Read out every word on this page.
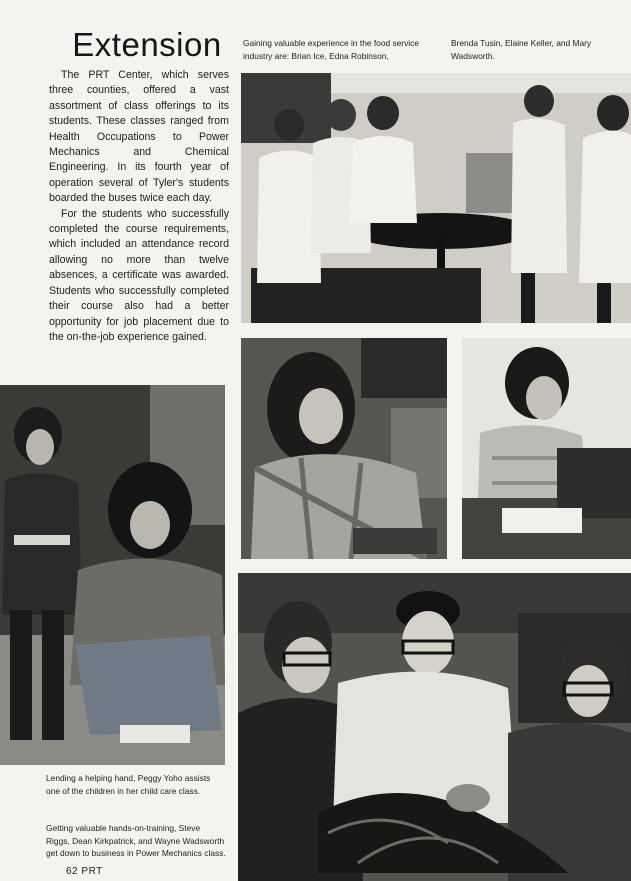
Extension

The PRT Center, which serves three counties, offered a vast assortment of class offerings to its students. These classes ranged from Health Occupations to Power Mechanics and Chemical Engineering. In its fourth year of operation several of Tyler's students boarded the buses twice each day.

For the students who successfully completed the course requirements, which included an attendance record allowing no more than twelve absences, a certificate was awarded. Students who successfully completed their course also had a better opportunity for job placement due to the on-the-job experience gained.

Gaining valuable experience in the food service industry are: Brian Ice, Edna Robinson,
Brenda Tusin, Elaine Keller, and Mary Wadsworth.
Lending a helping hand, Peggy Yoho assists one of the children in her child care class.
Getting valuable hands-on-training, Steve Riggs, Dean Kirkpatrick, and Wayne Wadsworth get down to business in Power Mechanics class.
62 PRT
